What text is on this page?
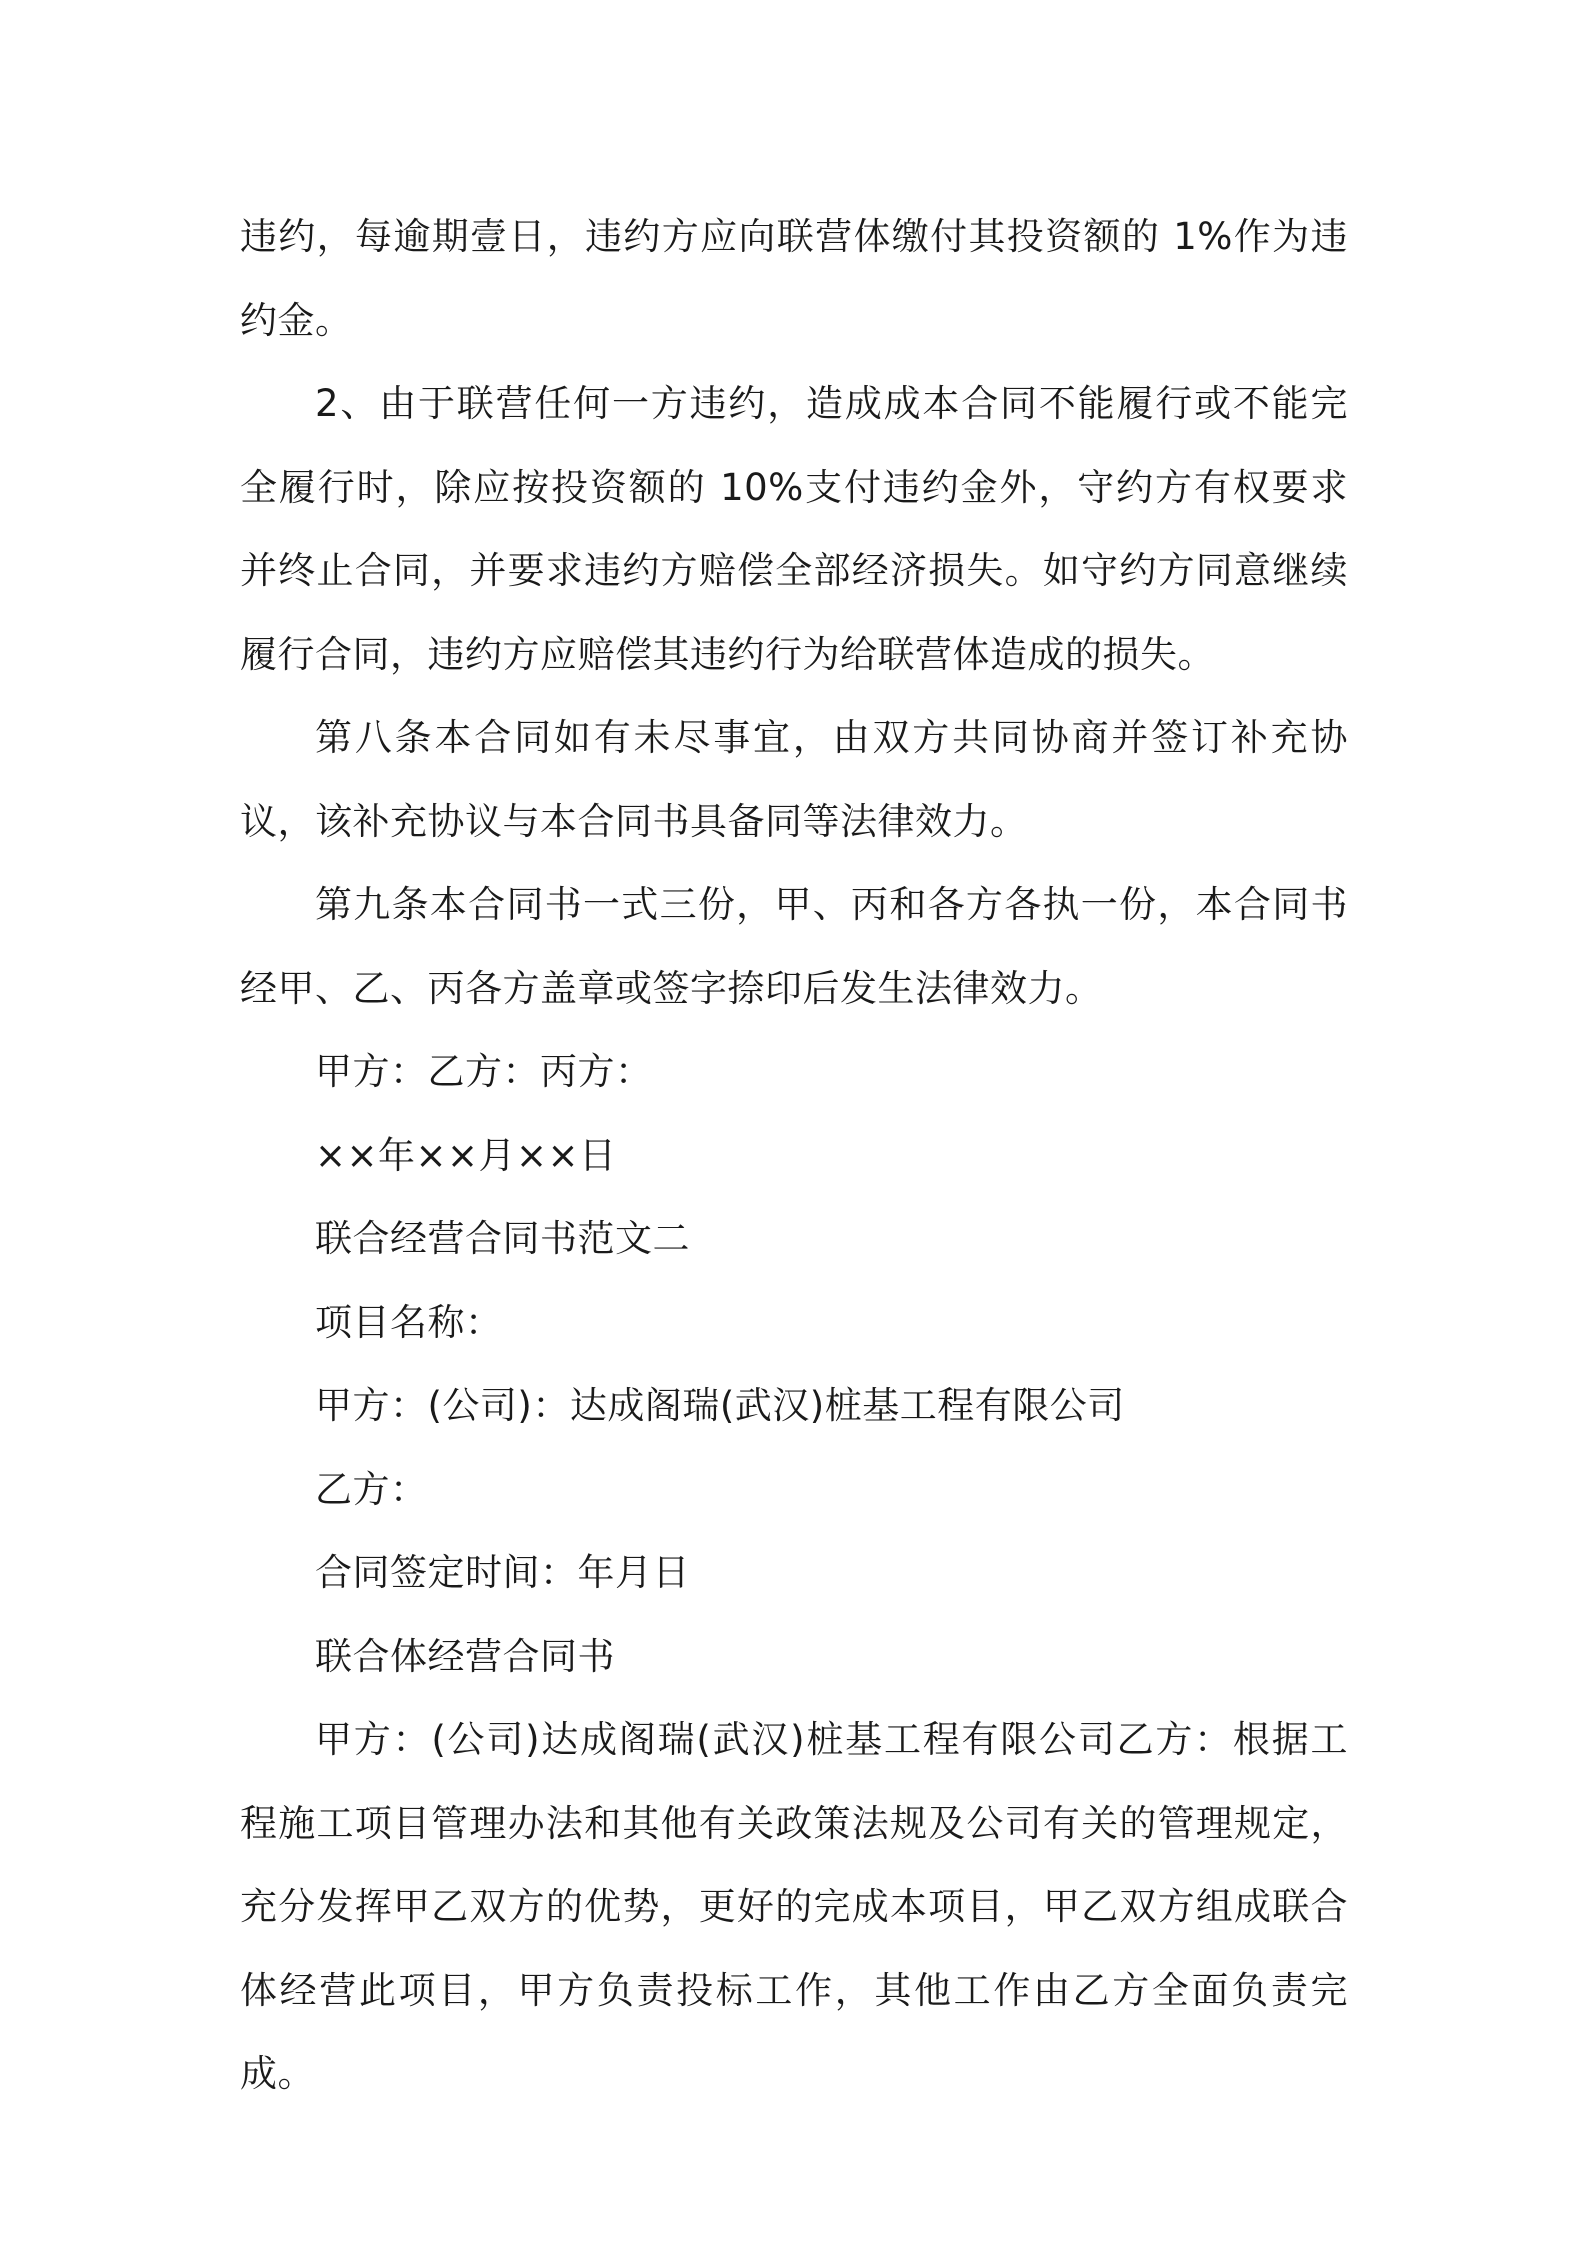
违约，每逾期壹日，违约方应向联营体缴付其投资额的 1%作为违约金。

2、由于联营任何一方违约，造成成本合同不能履行或不能完全履行时，除应按投资额的 10%支付违约金外，守约方有权要求并终止合同，并要求违约方赔偿全部经济损失。如守约方同意继续履行合同，违约方应赔偿其违约行为给联营体造成的损失。

第八条本合同如有未尽事宜，由双方共同协商并签订补充协议，该补充协议与本合同书具备同等法律效力。

第九条本合同书一式三份，甲、丙和各方各执一份，本合同书经甲、乙、丙各方盖章或签字捺印后发生法律效力。

甲方：乙方：丙方：

××年××月××日

联合经营合同书范文二

项目名称：

甲方：(公司)：达成阁瑞(武汉)桩基工程有限公司

乙方：

合同签定时间：年月日

联合体经营合同书

甲方：(公司)达成阁瑞(武汉)桩基工程有限公司乙方：根据工程施工项目管理办法和其他有关政策法规及公司有关的管理规定，充分发挥甲乙双方的优势，更好的完成本项目，甲乙双方组成联合体经营此项目，甲方负责投标工作，其他工作由乙方全面负责完成。
